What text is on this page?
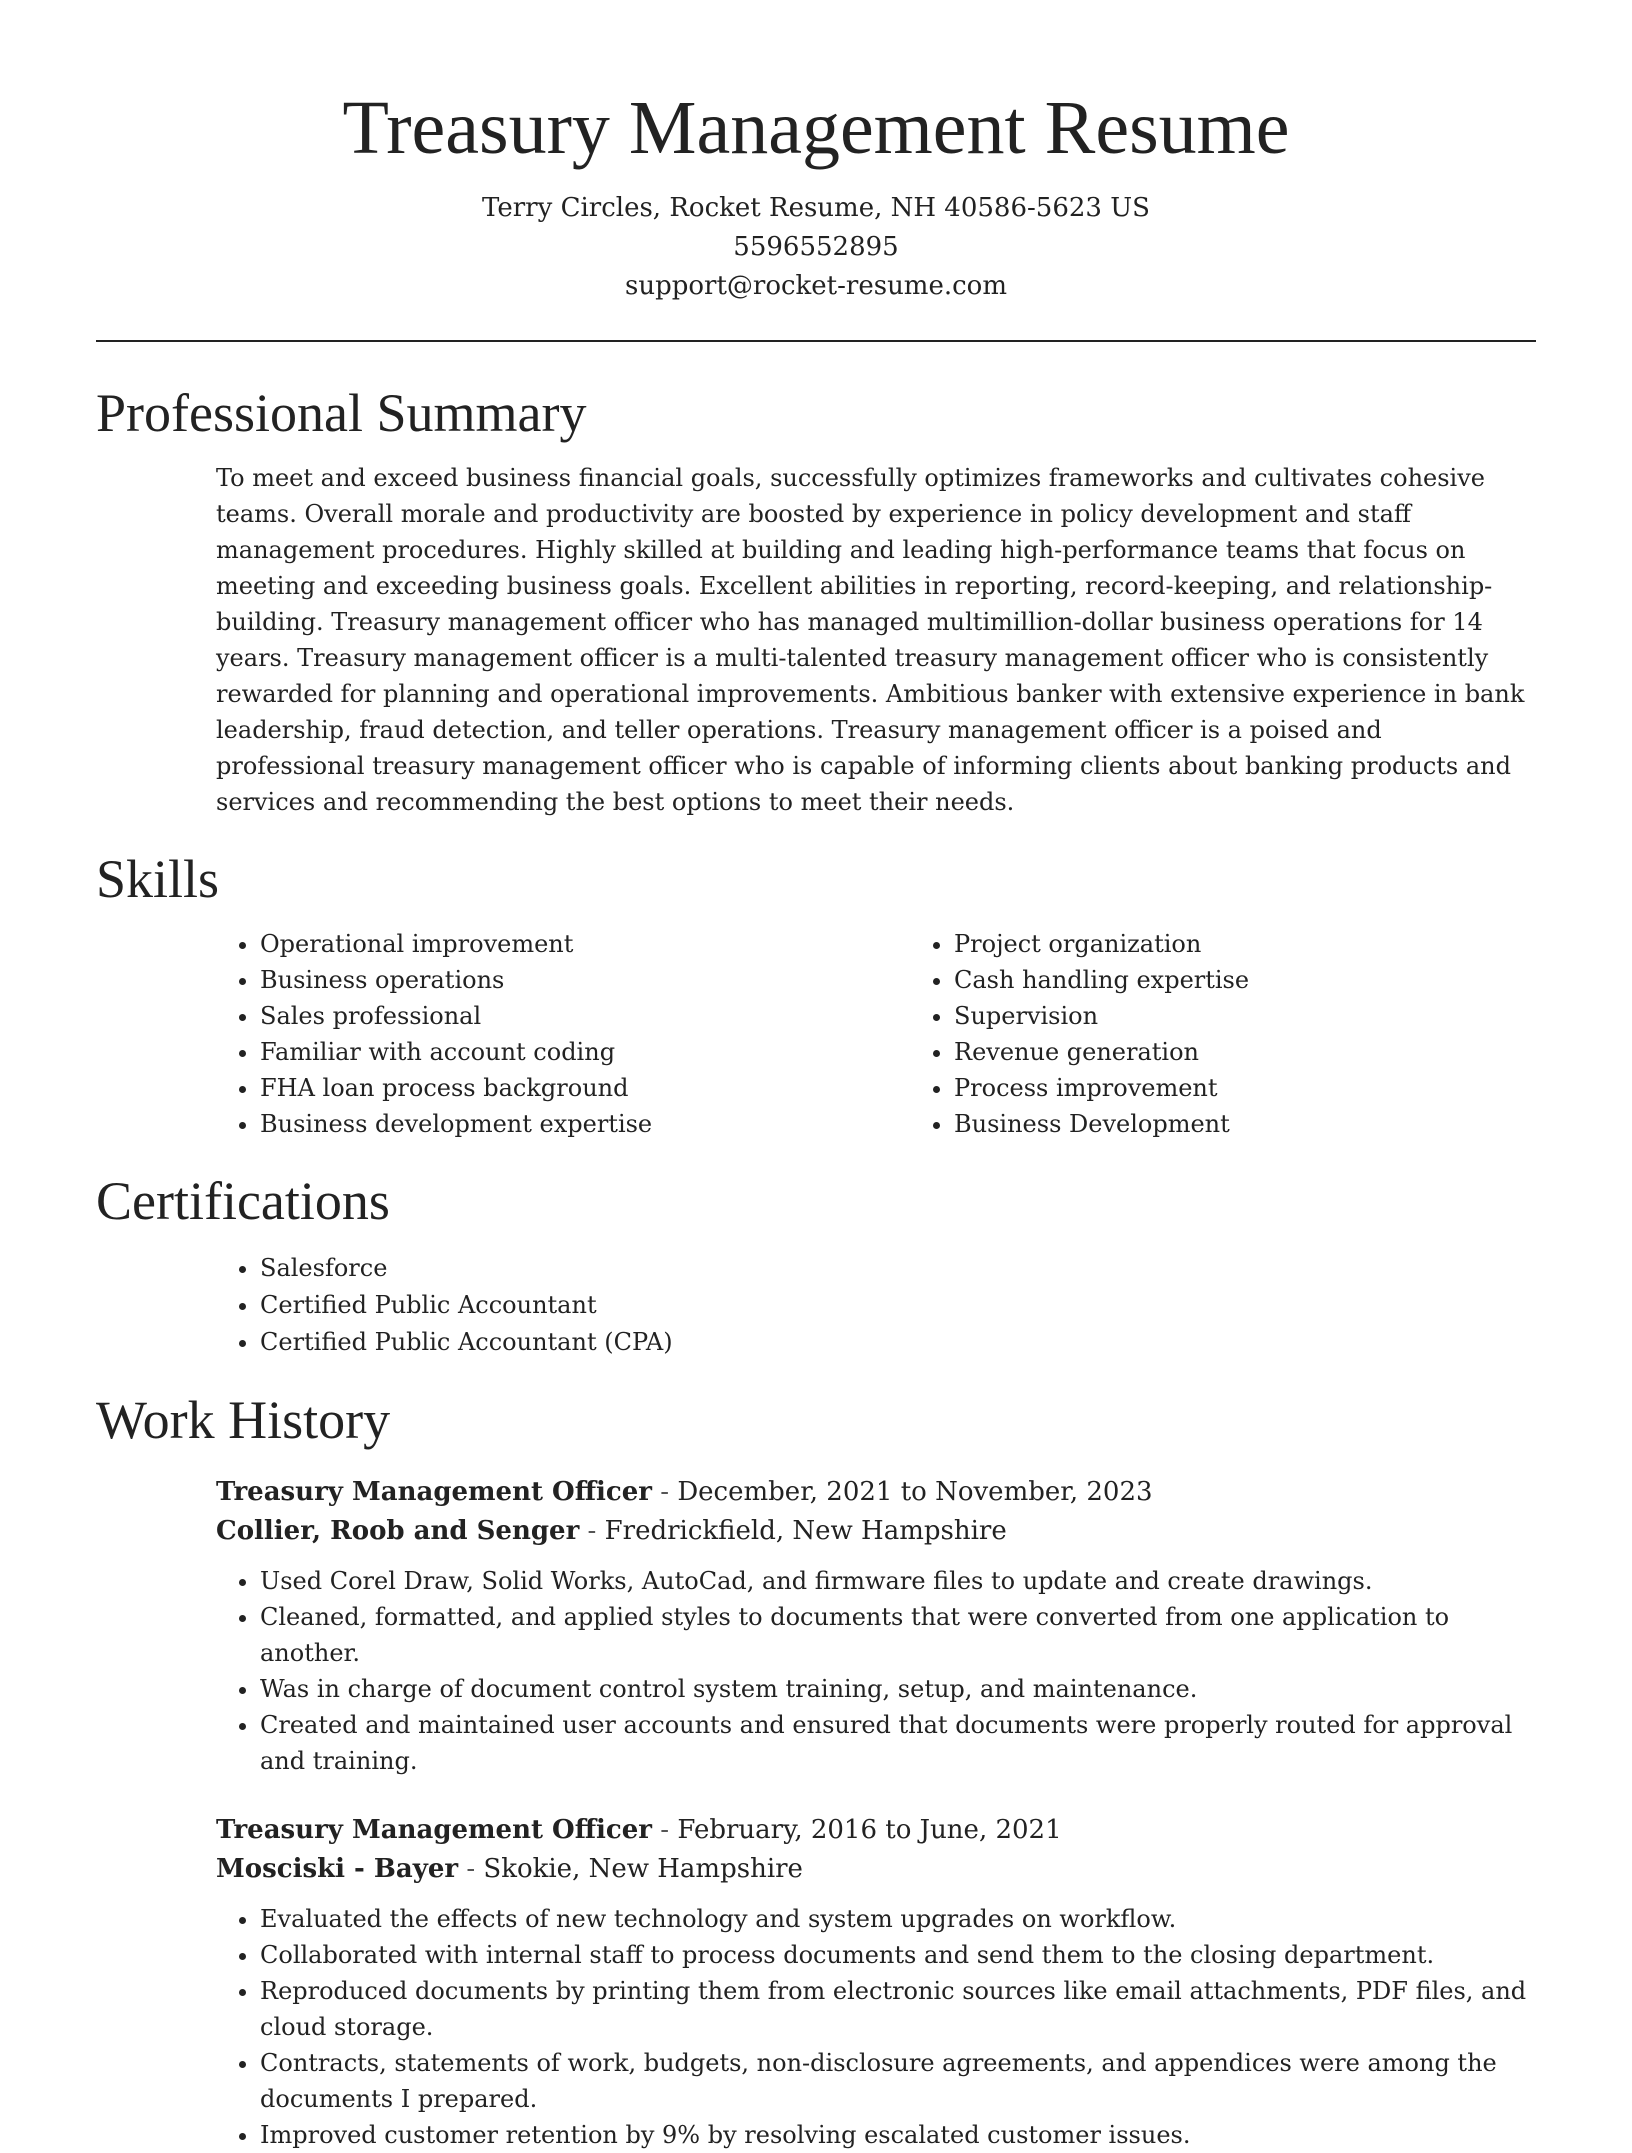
Treasury Management Resume
Terry Circles, Rocket Resume, NH 40586-5623 US
5596552895
support@rocket-resume.com
Professional Summary

To meet and exceed business financial goals, successfully optimizes frameworks and cultivates cohesive teams. Overall morale and productivity are boosted by experience in policy development and staff management procedures. Highly skilled at building and leading high-performance teams that focus on meeting and exceeding business goals. Excellent abilities in reporting, record-keeping, and relationship-building. Treasury management officer who has managed multimillion-dollar business operations for 14 years. Treasury management officer is a multi-talented treasury management officer who is consistently rewarded for planning and operational improvements. Ambitious banker with extensive experience in bank leadership, fraud detection, and teller operations. Treasury management officer is a poised and professional treasury management officer who is capable of informing clients about banking products and services and recommending the best options to meet their needs.

Skills
• Operational improvement
• Business operations
• Sales professional
• Familiar with account coding
• FHA loan process background
• Business development expertise
• Project organization
• Cash handling expertise
• Supervision
• Revenue generation
• Process improvement
• Business Development
Certifications
• Salesforce
• Certified Public Accountant
• Certified Public Accountant (CPA)
Work History
Treasury Management Officer - December, 2021 to November, 2023
Collier, Roob and Senger - Fredrickfield, New Hampshire
• Used Corel Draw, Solid Works, AutoCad, and firmware files to update and create drawings.
• Cleaned, formatted, and applied styles to documents that were converted from one application to another.
• Was in charge of document control system training, setup, and maintenance.
• Created and maintained user accounts and ensured that documents were properly routed for approval and training.
Treasury Management Officer - February, 2016 to June, 2021
Mosciski - Bayer - Skokie, New Hampshire
• Evaluated the effects of new technology and system upgrades on workflow.
• Collaborated with internal staff to process documents and send them to the closing department.
• Reproduced documents by printing them from electronic sources like email attachments, PDF files, and cloud storage.
• Contracts, statements of work, budgets, non-disclosure agreements, and appendices were among the documents I prepared.
• Improved customer retention by 9% by resolving escalated customer issues.
